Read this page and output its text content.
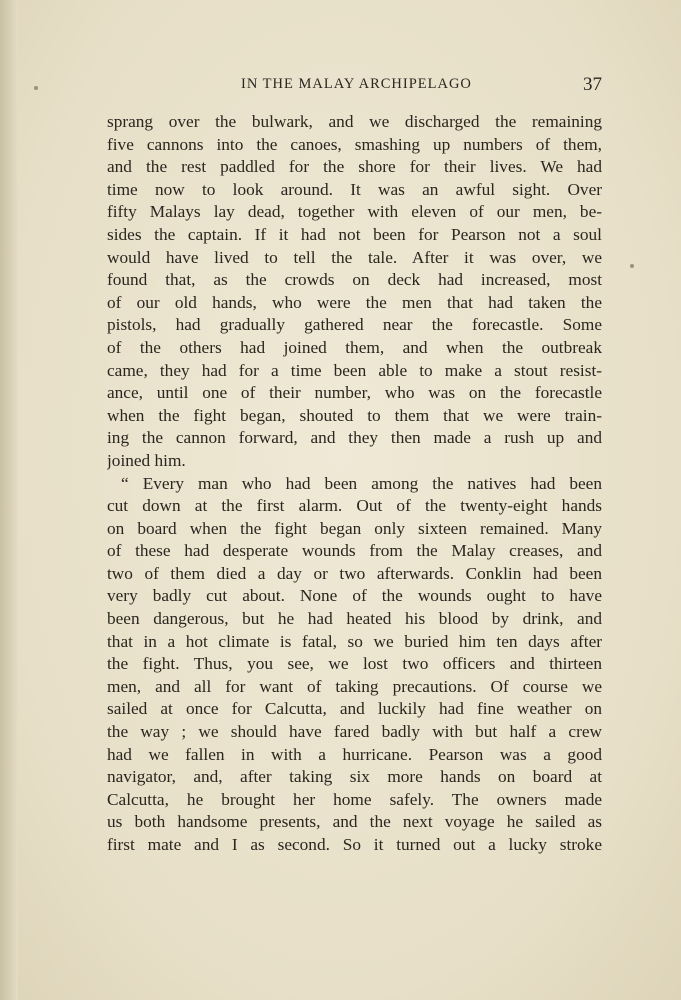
IN THE MALAY ARCHIPELAGO	37
sprang over the bulwark, and we discharged the remaining
five cannons into the canoes, smashing up numbers of them,
and the rest paddled for the shore for their lives. We had
time now to look around. It was an awful sight. Over
fifty Malays lay dead, together with eleven of our men, be-
sides the captain. If it had not been for Pearson not a soul
would have lived to tell the tale. After it was over, we
found that, as the crowds on deck had increased, most
of our old hands, who were the men that had taken the
pistols, had gradually gathered near the forecastle. Some
of the others had joined them, and when the outbreak
came, they had for a time been able to make a stout resist-
ance, until one of their number, who was on the forecastle
when the fight began, shouted to them that we were train-
ing the cannon forward, and they then made a rush up and
joined him.
“ Every man who had been among the natives had been
cut down at the first alarm. Out of the twenty-eight hands
on board when the fight began only sixteen remained. Many
of these had desperate wounds from the Malay creases, and
two of them died a day or two afterwards. Conklin had been
very badly cut about. None of the wounds ought to have
been dangerous, but he had heated his blood by drink, and
that in a hot climate is fatal, so we buried him ten days after
the fight. Thus, you see, we lost two officers and thirteen
men, and all for want of taking precautions. Of course we
sailed at once for Calcutta, and luckily had fine weather on
the way ; we should have fared badly with but half a crew
had we fallen in with a hurricane. Pearson was a good
navigator, and, after taking six more hands on board at
Calcutta, he brought her home safely. The owners made
us both handsome presents, and the next voyage he sailed as
first mate and I as second. So it turned out a lucky stroke
